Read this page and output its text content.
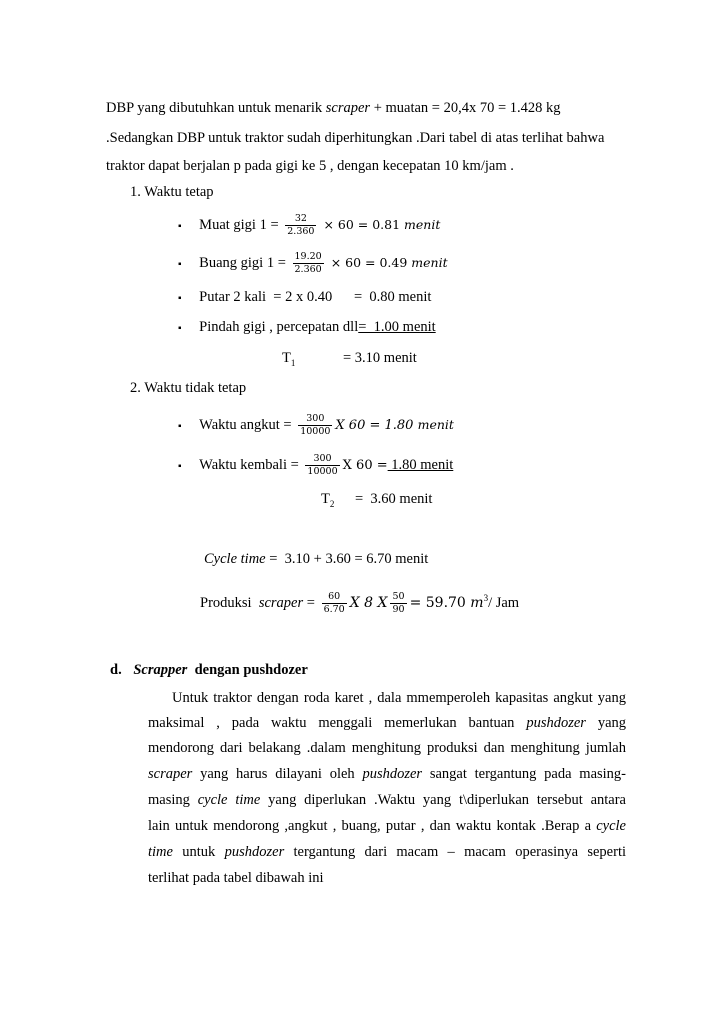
DBP yang dibutuhkan untuk menarik scraper + muatan = 20,4x 70 = 1.428 kg
.Sedangkan DBP untuk traktor sudah diperhitungkan .Dari tabel di atas terlihat bahwa
traktor dapat berjalan p pada gigi ke 5 , dengan kecepatan 10 km/jam .
1. Waktu tetap
▪ Muat gigi $1 = \frac{32}{2.360} \times 60 = 0.81$ menit
▪ Buang gigi $1 = \frac{19.20}{2.360} \times 60 = 0.49$ menit
▪ Putar 2 kali  = 2 x 0.40      =  0.80 menit
▪ Pindah gigi , percepatan dll=  1.00 menit
$T_1$	= 3.10 menit
2. Waktu tidak tetap
▪ Waktu angkut = $\frac{300}{10000}$ X 60 = 1.80 menit
▪ Waktu kembali = $\frac{300}{10000}$ X 60 = 1.80 menit
$T_2 = 3.60$ menit
Cycle time =  3.10 + 3.60 = 6.70 menit
Produksi  scraper = $\frac{60}{6.70}$ X 8 X $\frac{50}{90} = 59.70$ $m^3/$ Jam
d. Scrapper  dengan pushdozer
Untuk traktor dengan roda karet , dala mmemperoleh kapasitas angkut yang
maksimal , pada waktu menggali memerlukan bantuan pushdozer yang
mendorong dari belakang .dalam menghitung produksi dan menghitung jumlah
scraper yang harus dilayani oleh pushdozer sangat tergantung pada masing-
masing cycle time yang diperlukan .Waktu yang t\diperlukan tersebut antara
lain untuk mendorong ,angkut , buang, putar , dan waktu kontak .Berap a cycle
time untuk pushdozer tergantung dari macam – macam operasinya seperti
terlihat pada tabel dibawah ini
